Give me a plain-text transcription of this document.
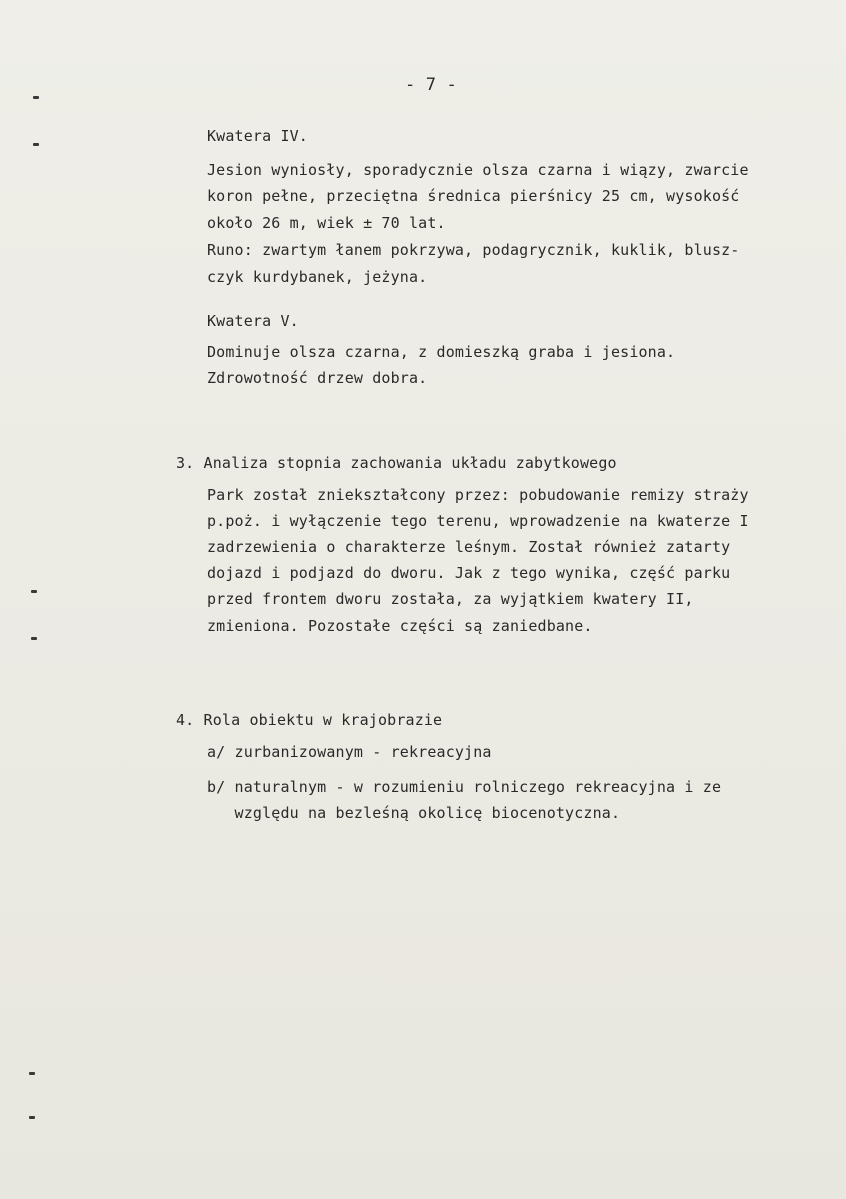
- 7 -
Kwatera IV.
Jesion wyniosły, sporadycznie olsza czarna i wiązy, zwarcie
koron pełne, przeciętna średnica pierśnicy 25 cm, wysokość
około 26 m, wiek ± 70 lat.
Runo: zwartym łanem pokrzywa, podagrycznik, kuklik, blusz-
czyk kurdybanek, jeżyna.
Kwatera V.
Dominuje olsza czarna, z domieszką graba i jesiona.
Zdrowotność drzew dobra.
3. Analiza stopnia zachowania układu zabytkowego
Park został zniekształcony przez: pobudowanie remizy straży
p.poż. i wyłączenie tego terenu, wprowadzenie na kwaterze I
zadrzewienia o charakterze leśnym. Został również zatarty
dojazd i podjazd do dworu. Jak z tego wynika, część parku
przed frontem dworu została, za wyjątkiem kwatery II,
zmieniona. Pozostałe części są zaniedbane.
4. Rola obiektu w krajobrazie
a/ zurbanizowanym - rekreacyjna
b/ naturalnym - w rozumieniu rolniczego rekreacyjna i ze
względu na bezleśną okolicę biocenotyczna.
